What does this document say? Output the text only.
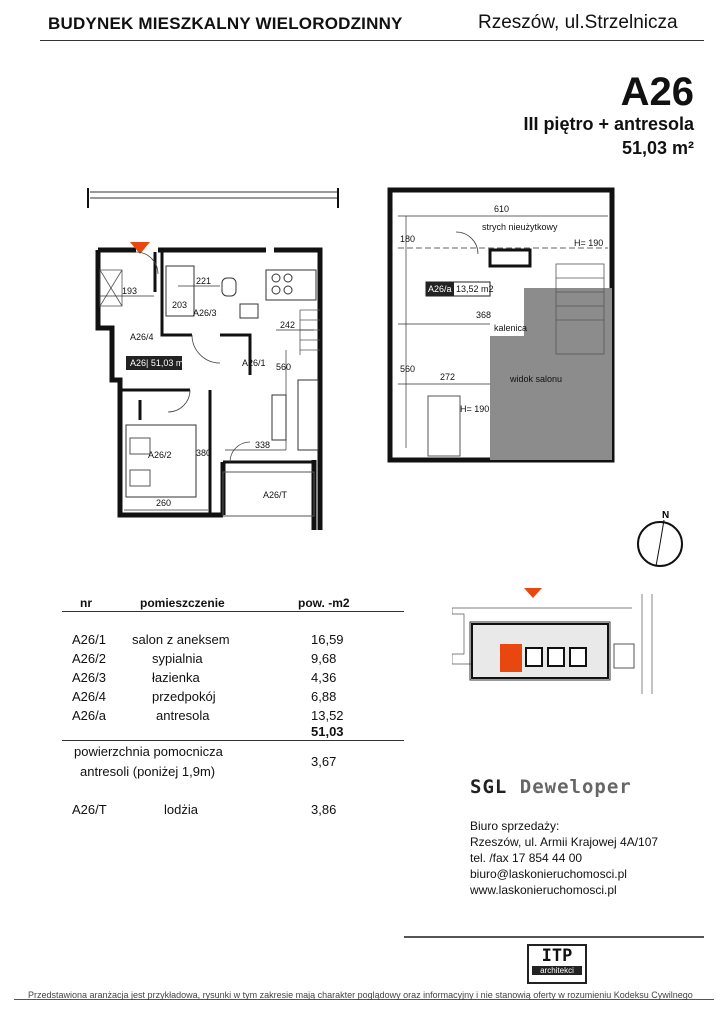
BUDYNEK MIESZKALNY WIELORODZINNY	Rzeszów, ul.Strzelnicza
A26
III piętro + antresola
51,03 m²
A26/4
A26/3
A26/1
A26/2
A26/T
193
221
203
242
560
380
338
260
A26| 51,03 m2
610
strych nieużytkowy
180	H= 190
368
kalenica
560
272	widok salonu
H= 190
A26/a 13,52 m2
N
nr	pomieszczenie	pow. -m2
A26/1 salon z aneksem	16,59
A26/2	sypialnia	9,68
A26/3	łazienka	4,36
A26/4	przedpokój	6,88
A26/a	antresola	13,52
51,03
powierzchnia pomocnicza
antresoli (poniżej 1,9m)
3,67
A26/T	lodżia	3,86
SGL Deweloper
Biuro sprzedaży:
Rzeszów, ul. Armii Krajowej 4A/107
tel. /fax 17 854 44 00
biuro@laskonieruchomosci.pl
www.laskonieruchomosci.pl
ITP
architekci
Przedstawiona aranżacja jest przykładowa, rysunki w tym zakresie mają charakter poglądowy oraz informacyjny i nie stanowią oferty w rozumieniu Kodeksu Cywilnego
